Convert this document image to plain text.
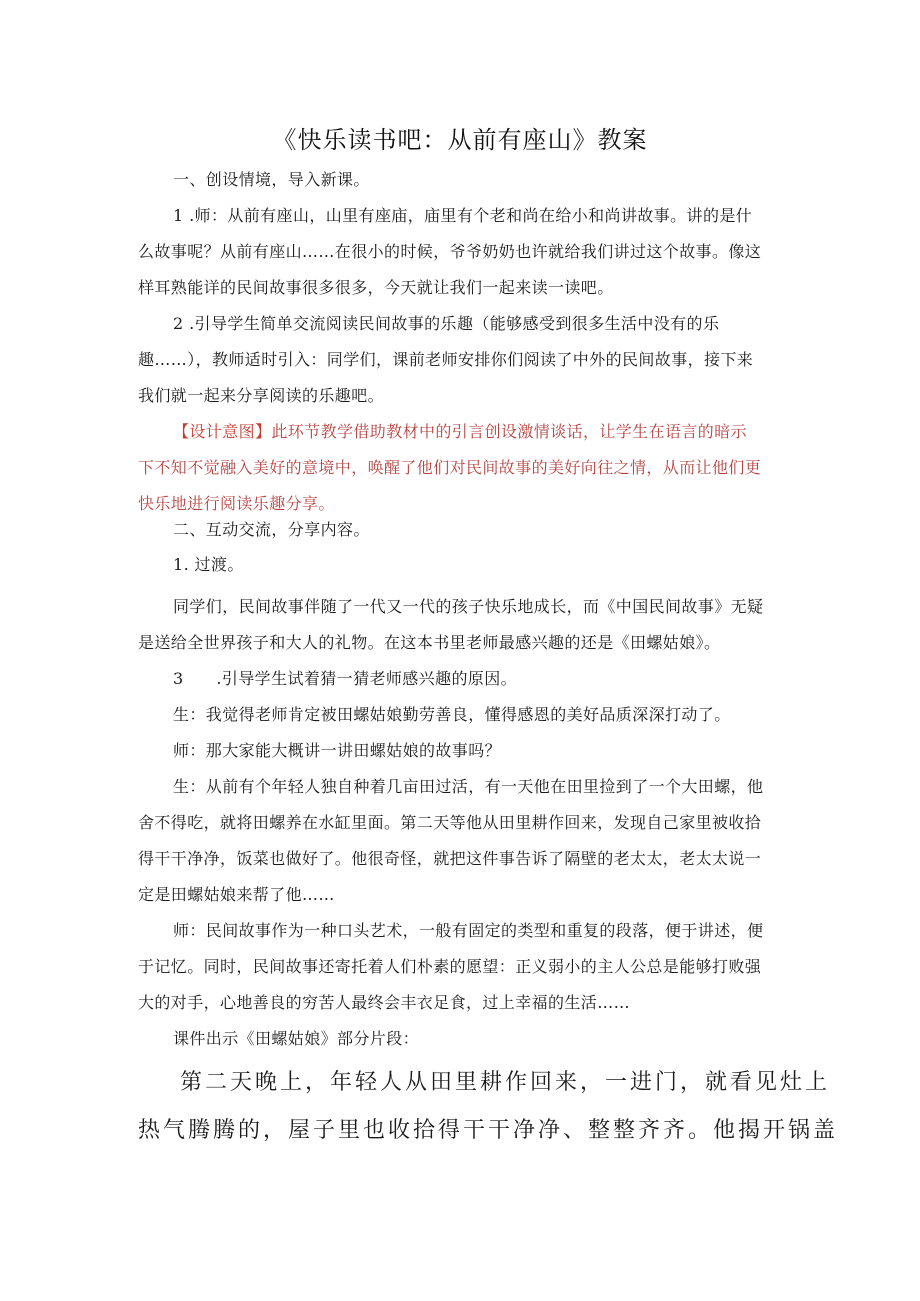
《快乐读书吧：从前有座山》教案
一、创设情境，导入新课。
1 .师：从前有座山，山里有座庙，庙里有个老和尚在给小和尚讲故事。讲的是什
么故事呢？从前有座山……在很小的时候，爷爷奶奶也许就给我们讲过这个故事。像这
样耳熟能详的民间故事很多很多，今天就让我们一起来读一读吧。
2 .引导学生简单交流阅读民间故事的乐趣（能够感受到很多生活中没有的乐
趣……），教师适时引入：同学们，课前老师安排你们阅读了中外的民间故事，接下来
我们就一起来分享阅读的乐趣吧。
【设计意图】此环节教学借助教材中的引言创设激情谈话，让学生在语言的暗示
下不知不觉融入美好的意境中，唤醒了他们对民间故事的美好向往之情，从而让他们更
快乐地进行阅读乐趣分享。
二、互动交流，分享内容。
1. 过渡。
同学们，民间故事伴随了一代又一代的孩子快乐地成长，而《中国民间故事》无疑
是送给全世界孩子和大人的礼物。在这本书里老师最感兴趣的还是《田螺姑娘》。
3　　.引导学生试着猜一猜老师感兴趣的原因。
生：我觉得老师肯定被田螺姑娘勤劳善良，懂得感恩的美好品质深深打动了。
师：那大家能大概讲一讲田螺姑娘的故事吗？
生：从前有个年轻人独自种着几亩田过活，有一天他在田里捡到了一个大田螺，他
舍不得吃，就将田螺养在水缸里面。第二天等他从田里耕作回来，发现自己家里被收拾
得干干净净，饭菜也做好了。他很奇怪，就把这件事告诉了隔壁的老太太，老太太说一
定是田螺姑娘来帮了他……
师：民间故事作为一种口头艺术，一般有固定的类型和重复的段落，便于讲述，便
于记忆。同时，民间故事还寄托着人们朴素的愿望：正义弱小的主人公总是能够打败强
大的对手，心地善良的穷苦人最终会丰衣足食，过上幸福的生活……
课件出示《田螺姑娘》部分片段：
第二天晚上，年轻人从田里耕作回来，一进门，就看见灶上
热气腾腾的，屋子里也收拾得干干净净、整整齐齐。他揭开锅盖
